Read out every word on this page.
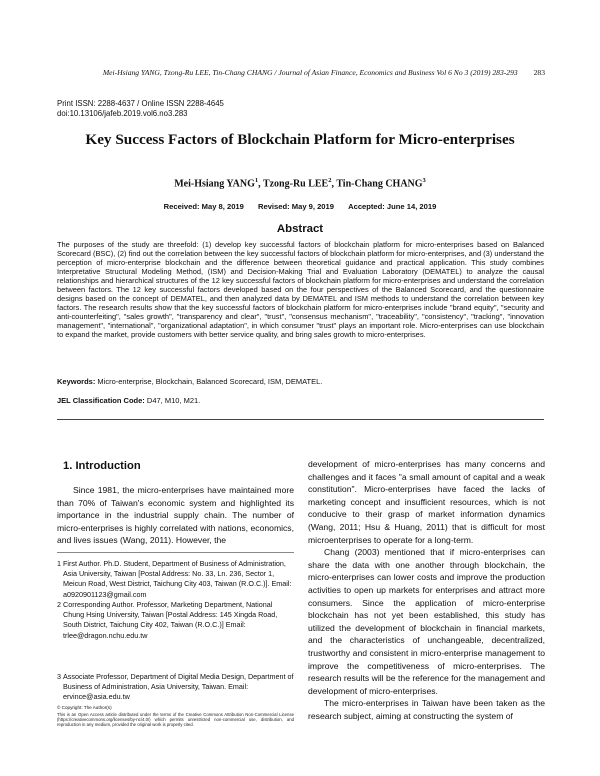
Mei-Hsiang YANG, Tzong-Ru LEE, Tin-Chang CHANG / Journal of Asian Finance, Economics and Business Vol 6 No 3 (2019) 283-293 283
Print ISSN: 2288-4637 / Online ISSN 2288-4645
doi:10.13106/jafeb.2019.vol6.no3.283
Key Success Factors of Blockchain Platform for Micro-enterprises
Mei-Hsiang YANG$^1$, Tzong-Ru LEE$^2$, Tin-Chang CHANG$^3$
Received: May 8, 2019 Revised: May 9, 2019 Accepted: June 14, 2019
Abstract
The purposes of the study are threefold: (1) develop key successful factors of blockchain platform for micro-enterprises based on Balanced Scorecard (BSC), (2) find out the correlation between the key successful factors of blockchain platform for micro-enterprises, and (3) understand the perception of micro-enterprise blockchain and the difference between theoretical guidance and practical application. This study combines Interpretative Structural Modeling Method, (ISM) and Decision-Making Trial and Evaluation Laboratory (DEMATEL) to analyze the causal relationships and hierarchical structures of the 12 key successful factors of blockchain platform for micro-enterprises and understand the correlation between factors. The 12 key successful factors developed based on the four perspectives of the Balanced Scorecard, and the questionnaire designs based on the concept of DEMATEL, and then analyzed data by DEMATEL and ISM methods to understand the correlation between key factors. The research results show that the key successful factors of blockchain platform for micro-enterprises include "brand equity", "security and anti-counterfeiting", "sales growth", "transparency and clear", "trust", "consensus mechanism", "traceability", "consistency", "tracking", "innovation management", "international", "organizational adaptation", in which consumer "trust" plays an important role. Micro-enterprises can use blockchain to expand the market, provide customers with better service quality, and bring sales growth to micro-enterprises.
Keywords: Micro-enterprise, Blockchain, Balanced Scorecard, ISM, DEMATEL.
JEL Classification Code: D47, M10, M21.
1. Introduction

Since 1981, the micro-enterprises have maintained more than 70% of Taiwan's economic system and highlighted its importance in the industrial supply chain. The number of micro-enterprises is highly correlated with nations, economics, and lives issues (Wang, 2011). However, the

development of micro-enterprises has many concerns and challenges and it faces "a small amount of capital and a weak constitution". Micro-enterprises have faced the lacks of marketing concept and insufficient resources, which is not conducive to their grasp of market information dynamics (Wang, 2011; Hsu & Huang, 2011) that is difficult for most microenterprises to operate for a long-term.

Chang (2003) mentioned that if micro-enterprises can share the data with one another through blockchain, the micro-enterprises can lower costs and improve the production activities to open up markets for enterprises and attract more consumers. Since the application of micro-enterprise blockchain has not yet been established, this study has utilized the development of blockchain in financial markets, and the characteristics of unchangeable, decentralized, trustworthy and consistent in micro-enterprise management to improve the competitiveness of micro-enterprises. The research results will be the reference for the management and development of micro-enterprises.

The micro-enterprises in Taiwan have been taken as the research subject, aiming at constructing the system of

1 First Author. Ph.D. Student, Department of Business of Administration, Asia University, Taiwan [Postal Address: No. 33, Ln. 236, Sector 1, Meicun Road, West District, Taichung City 403, Taiwan (R.O.C.)]. Email: a0920901123@gmail.com
2 Corresponding Author. Professor, Marketing Department, National Chung Hsing University, Taiwan [Postal Address: 145 Xingda Road, South District, Taichung City 402, Taiwan (R.O.C.)] Email: trlee@dragon.nchu.edu.tw
3 Associate Professor, Department of Digital Media Design, Department of Business of Administration, Asia University, Taiwan. Email: ervince@asia.edu.tw
© Copyright: The Author(s)
This is an Open Access article distributed under the terms of the Creative Commons Attribution Non-Commercial License (https://creativecommons.org/licenses/by-nc/4.0/) which permits unrestricted non-commercial use, distribution, and reproduction in any medium, provided the original work is properly cited.
